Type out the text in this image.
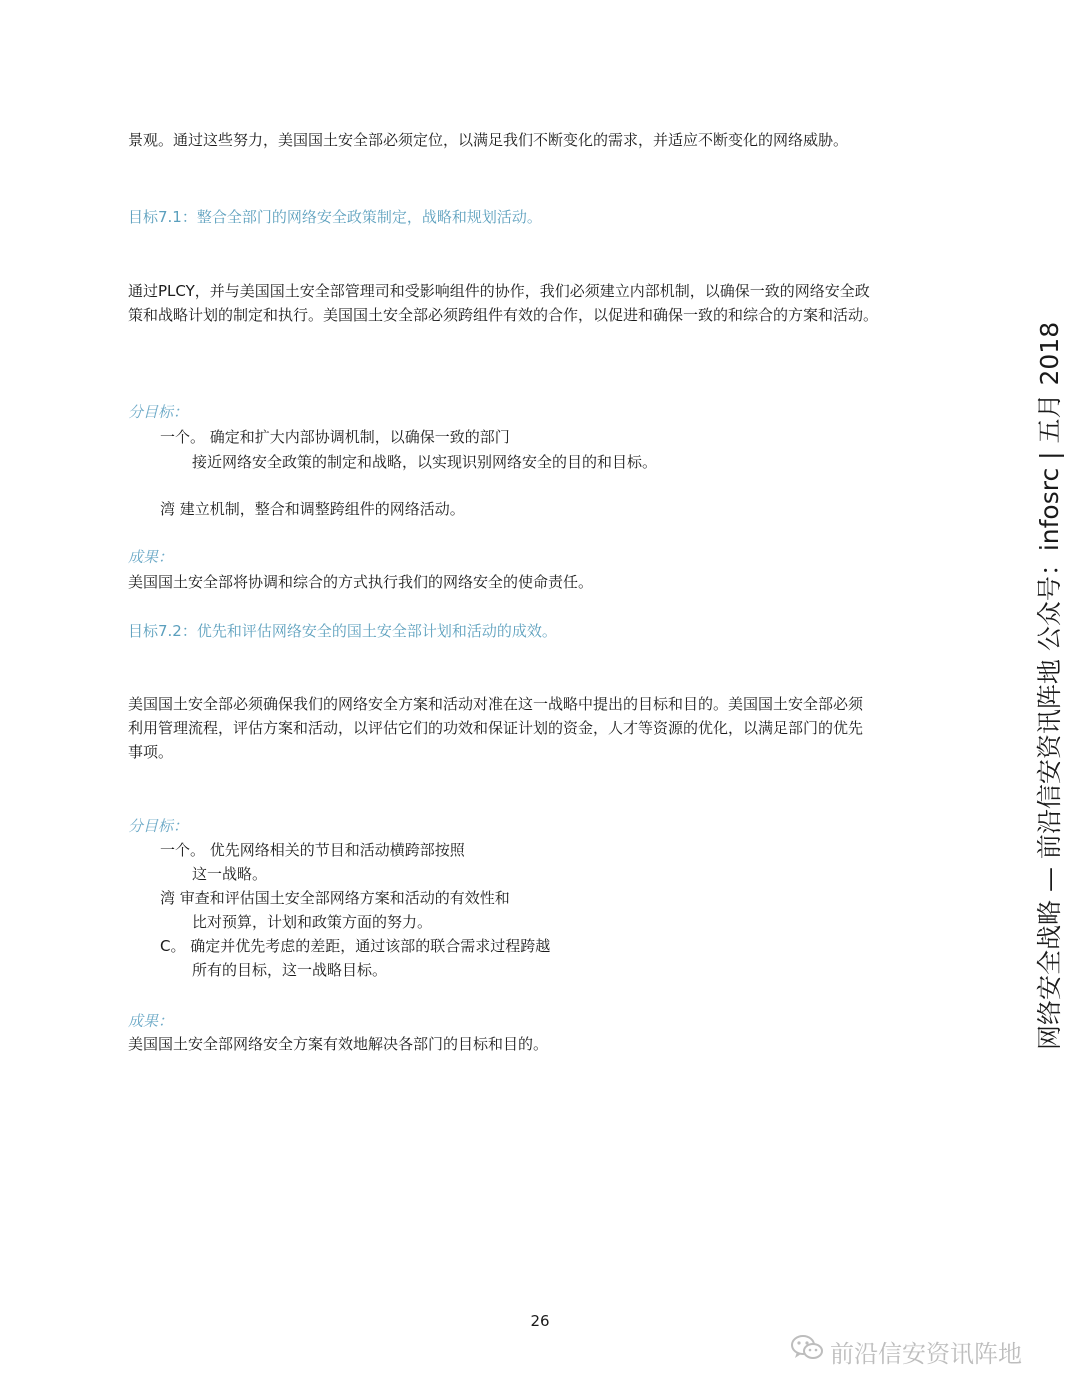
景观。通过这些努力，美国国土安全部必须定位，以满足我们不断变化的需求，并适应不断变化的网络威胁。
目标7.1：整合全部门的网络安全政策制定，战略和规划活动。
通过PLCY，并与美国国土安全部管理司和受影响组件的协作，我们必须建立内部机制，以确保一致的网络安全政
策和战略计划的制定和执行。美国国土安全部必须跨组件有效的合作，以促进和确保一致的和综合的方案和活动。
分目标：
一个。 确定和扩大内部协调机制，以确保一致的部门
接近网络安全政策的制定和战略，以实现识别网络安全的目的和目标。
湾 建立机制，整合和调整跨组件的网络活动。
成果：
美国国土安全部将协调和综合的方式执行我们的网络安全的使命责任。
目标7.2：优先和评估网络安全的国土安全部计划和活动的成效。
美国国土安全部必须确保我们的网络安全方案和活动对准在这一战略中提出的目标和目的。美国国土安全部必须
利用管理流程，评估方案和活动，以评估它们的功效和保证计划的资金，人才等资源的优化，以满足部门的优先
事项。
分目标：
一个。 优先网络相关的节目和活动横跨部按照
这一战略。
湾 审查和评估国土安全部网络方案和活动的有效性和
比对预算，计划和政策方面的努力。
C。 确定并优先考虑的差距，通过该部的联合需求过程跨越
所有的目标，这一战略目标。
成果：
美国国土安全部网络安全方案有效地解决各部门的目标和目的。	网络安全战略 — 前沿信安资讯阵地 公众号：infosrc | 五月 2018
26
前沿信安资讯阵地
